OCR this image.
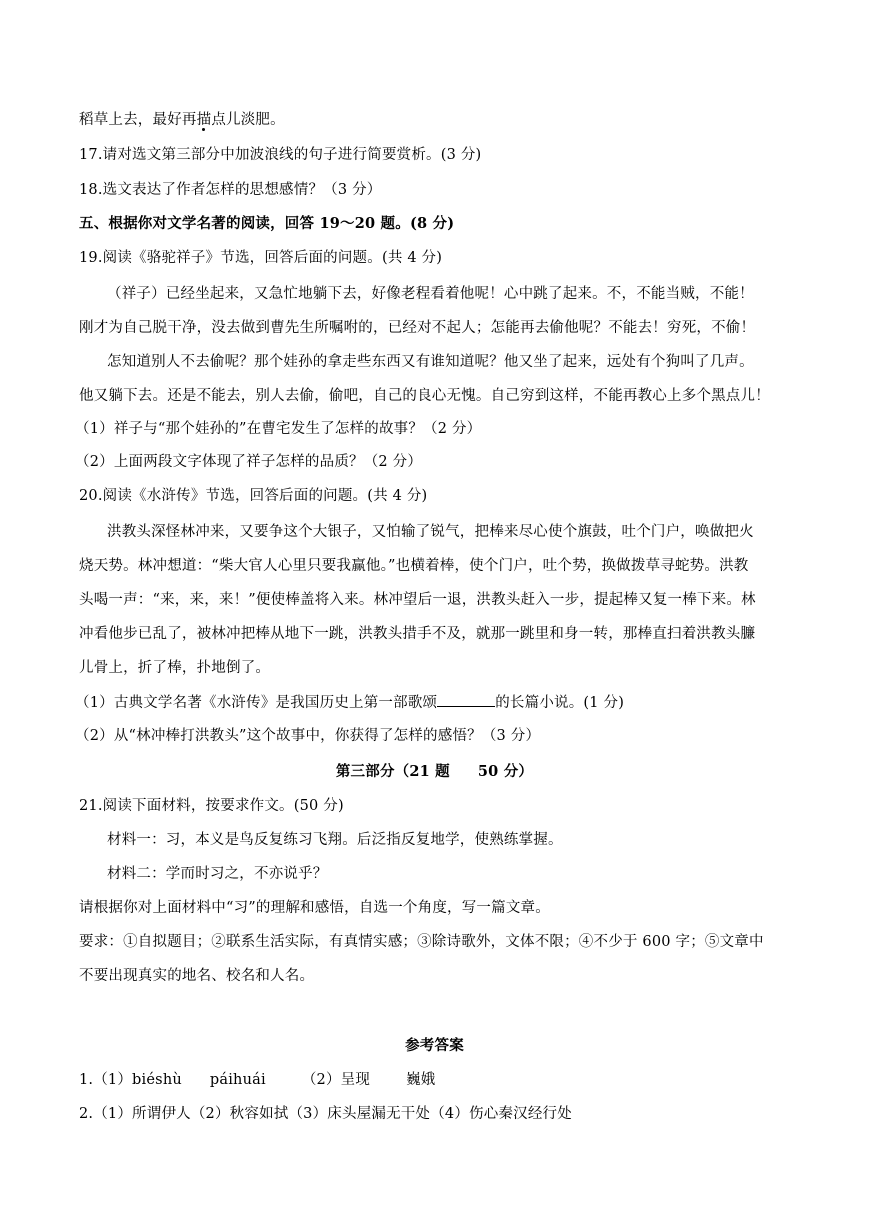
稻草上去，最好再描点儿淡肥。
17.请对选文第三部分中加波浪线的句子进行简要赏析。(3 分)
18.选文表达了作者怎样的思想感情？（3 分）
五、根据你对文学名著的阅读，回答 19～20 题。(8 分)
19.阅读《骆驼祥子》节选，回答后面的问题。(共 4 分)
（祥子）已经坐起来，又急忙地躺下去，好像老程看着他呢！心中跳了起来。不，不能当贼，不能！
刚才为自己脱干净，没去做到曹先生所嘱咐的，已经对不起人；怎能再去偷他呢？不能去！穷死，不偷！
怎知道别人不去偷呢？那个娃孙的拿走些东西又有谁知道呢？他又坐了起来，远处有个狗叫了几声。
他又躺下去。还是不能去，别人去偷，偷吧，自己的良心无愧。自己穷到这样，不能再教心上多个黑点儿！
（1）祥子与“那个娃孙的”在曹宅发生了怎样的故事？（2 分）
（2）上面两段文字体现了祥子怎样的品质？（2 分）
20.阅读《水浒传》节选，回答后面的问题。(共 4 分)
洪教头深怪林冲来，又要争这个大银子，又怕输了锐气，把棒来尽心使个旗鼓，吐个门户，唤做把火
烧天势。林冲想道：“柴大官人心里只要我赢他。”也横着棒，使个门户，吐个势，换做拨草寻蛇势。洪教
头喝一声：“来，来，来！”便使棒盖将入来。林冲望后一退，洪教头赶入一步，提起棒又复一棒下来。林
冲看他步已乱了，被林冲把棒从地下一跳，洪教头措手不及，就那一跳里和身一转，那棒直扫着洪教头臁
儿骨上，折了棒，扑地倒了。
（1）古典文学名著《水浒传》是我国历史上第一部歌颂	的长篇小说。(1 分)
（2）从“林冲棒打洪教头”这个故事中，你获得了怎样的感悟？（3 分）
第三部分（21 题 50 分）
21.阅读下面材料，按要求作文。(50 分)
材料一：习，本义是鸟反复练习飞翔。后泛指反复地学，使熟练掌握。
材料二：学而时习之，不亦说乎？
请根据你对上面材料中“习”的理解和感悟，自选一个角度，写一篇文章。
要求：①自拟题目；②联系生活实际，有真情实感；③除诗歌外，文体不限；④不少于 600 字；⑤文章中
不要出现真实的地名、校名和人名。
参考答案
1.（1）biéshù páihuái （2）呈现 巍娥
2.（1）所谓伊人（2）秋容如拭（3）床头屋漏无干处（4）伤心秦汉经行处
